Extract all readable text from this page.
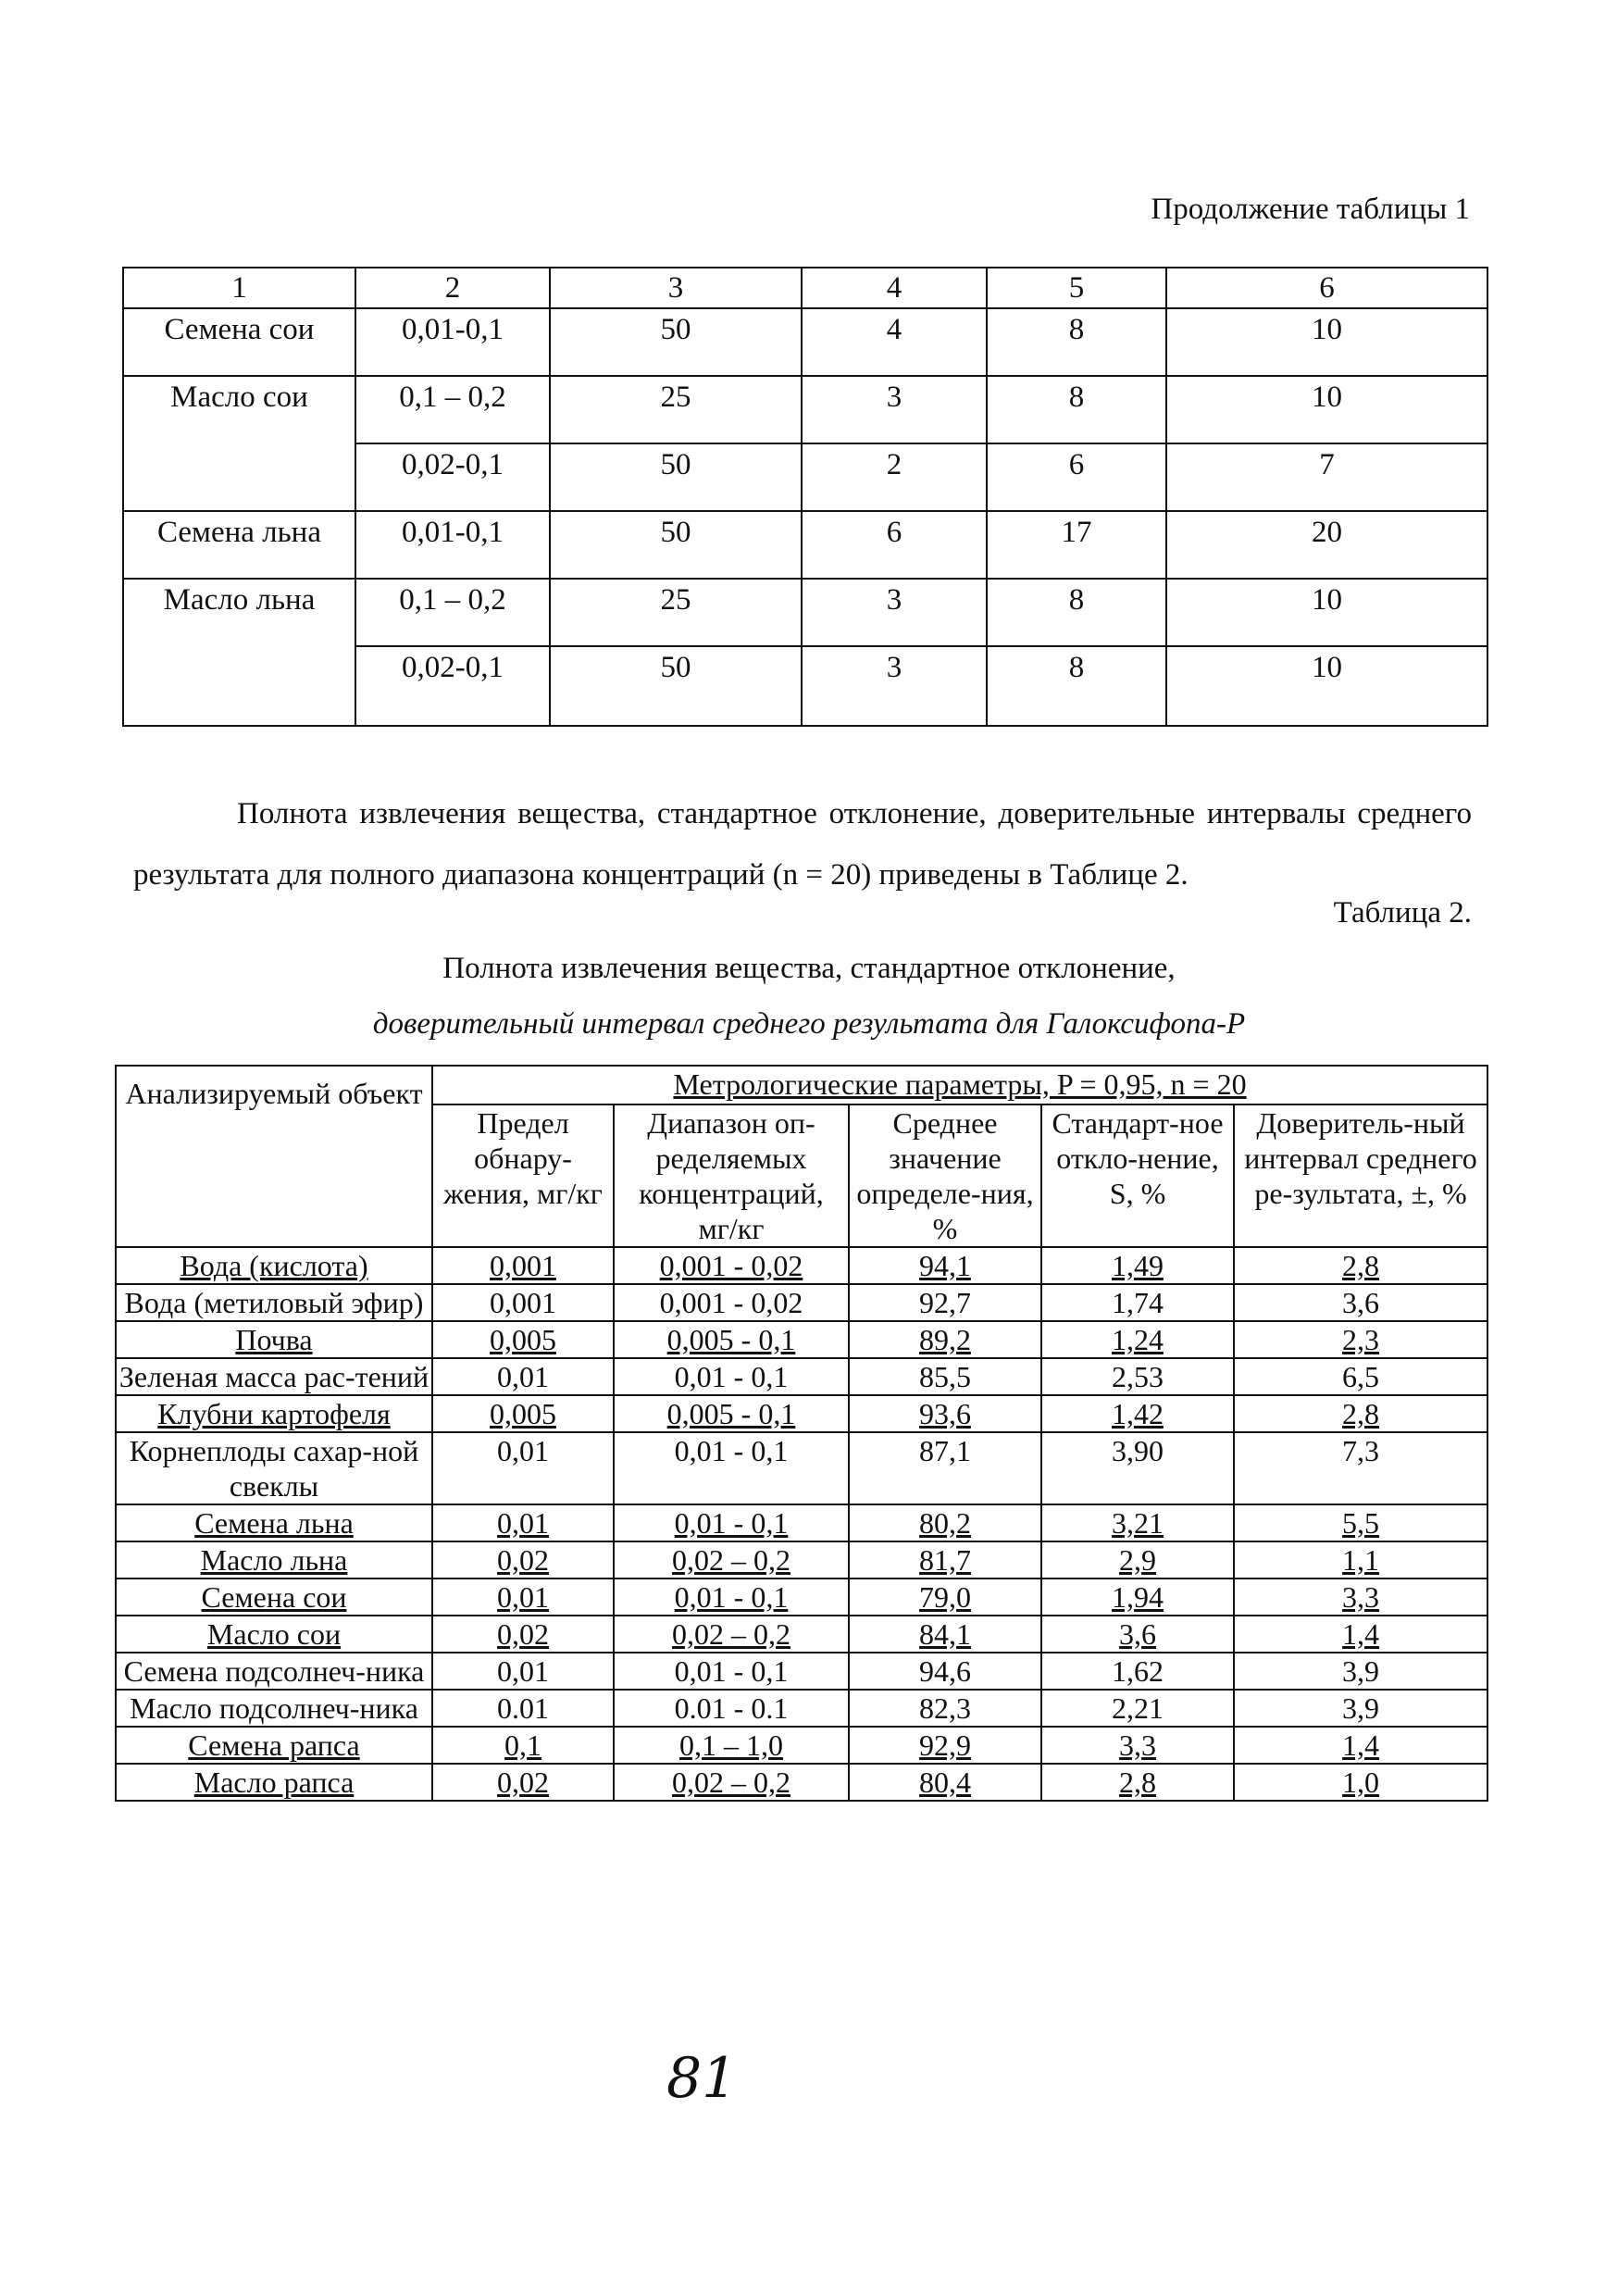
Продолжение таблицы 1
1	2	3	4	5	6
Семена сои	0,01-0,1	50	4	8	10
Масло сои	0,1 – 0,2	25	3	8	10
	0,02-0,1	50	2	6	7
Семена льна	0,01-0,1	50	6	17	20
Масло льна	0,1 – 0,2	25	3	8	10
	0,02-0,1	50	3	8	10
Полнота извлечения вещества, стандартное отклонение, доверительные интервалы среднего результата для полного диапазона концентраций (n = 20) приведены в Таблице 2.
Таблица 2.
Полнота извлечения вещества, стандартное отклонение,
доверительный интервал среднего результата для Галоксифопа-Р
Анализируемый объект	Метрологические параметры, P = 0,95, n = 20				
	Предел обнару-жения, мг/кг	Диапазон оп-ределяемых концентраций, мг/кг	Среднее значение определе-ния, %	Стандарт-ное откло-нение, S, %	Доверитель-ный интервал среднего ре-зультата, ±, %
Вода (кислота)	0,001	0,001 - 0,02	94,1	1,49	2,8
Вода (метиловый эфир)	0,001	0,001 - 0,02	92,7	1,74	3,6
Почва	0,005	0,005 - 0,1	89,2	1,24	2,3
Зеленая масса рас-тений	0,01	0,01 - 0,1	85,5	2,53	6,5
Клубни картофеля	0,005	0,005 - 0,1	93,6	1,42	2,8
Корнеплоды сахар-ной свеклы	0,01	0,01 - 0,1	87,1	3,90	7,3
Семена льна	0,01	0,01 - 0,1	80,2	3,21	5,5
Масло льна	0,02	0,02 – 0,2	81,7	2,9	1,1
Семена сои	0,01	0,01 - 0,1	79,0	1,94	3,3
Масло сои	0,02	0,02 – 0,2	84,1	3,6	1,4
Семена подсолнеч-ника	0,01	0,01 - 0,1	94,6	1,62	3,9
Масло подсолнеч-ника	0.01	0.01 - 0.1	82,3	2,21	3,9
Семена рапса	0,1	0,1 – 1,0	92,9	3,3	1,4
Масло рапса	0,02	0,02 – 0,2	80,4	2,8	1,0
81
